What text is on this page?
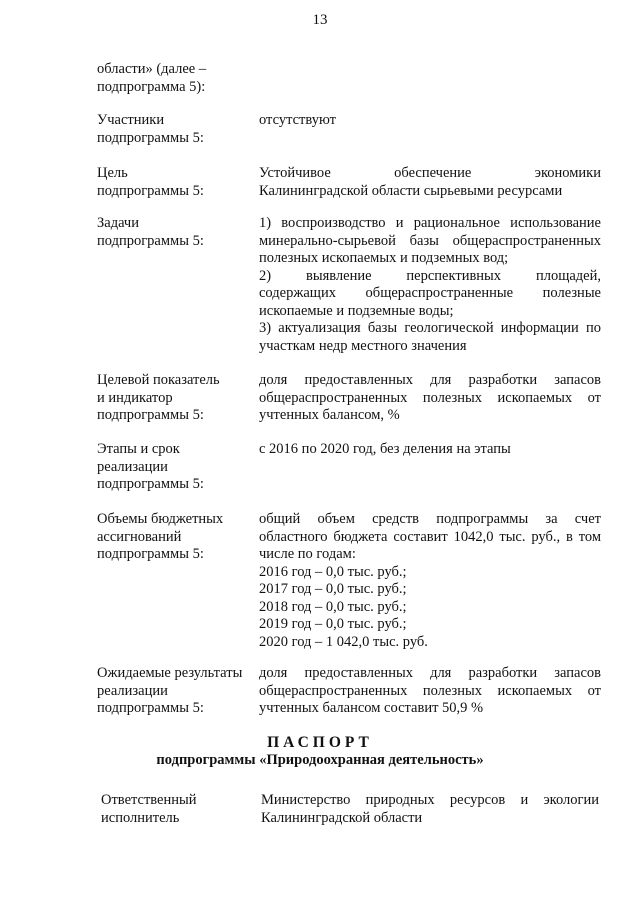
13
области» (далее –
подпрограмма 5):
Участники
подпрограммы 5:
отсутствуют
Цель
подпрограммы 5:
Устойчивое обеспечение экономики
Калининградской области сырьевыми ресурсами
Задачи
подпрограммы 5:
1) воспроизводство и рациональное использование
минерально-сырьевой базы общераспространенных
полезных ископаемых и подземных вод;
2) выявление перспективных площадей,
содержащих общераспространенные полезные
ископаемые и подземные воды;
3) актуализация базы геологической информации по
участкам недр местного значения
Целевой показатель
и индикатор
подпрограммы 5:
доля предоставленных для разработки запасов
общераспространенных полезных ископаемых от
учтенных балансом, %
Этапы и срок
реализации
подпрограммы 5:
с 2016 по 2020 год, без деления на этапы
Объемы бюджетных
ассигнований
подпрограммы 5:
общий объем средств подпрограммы за счет
областного бюджета составит 1042,0 тыс. руб., в том
числе по годам:
2016 год – 0,0 тыс. руб.;
2017 год – 0,0 тыс. руб.;
2018 год – 0,0 тыс. руб.;
2019 год – 0,0 тыс. руб.;
2020 год – 1 042,0 тыс. руб.
Ожидаемые результаты
реализации
подпрограммы 5:
доля предоставленных для разработки запасов
общераспространенных полезных ископаемых от
учтенных балансом составит 50,9 %
ПАСПОРТ
подпрограммы «Природоохранная деятельность»
Ответственный
исполнитель
Министерство природных ресурсов и экологии
Калининградской области
